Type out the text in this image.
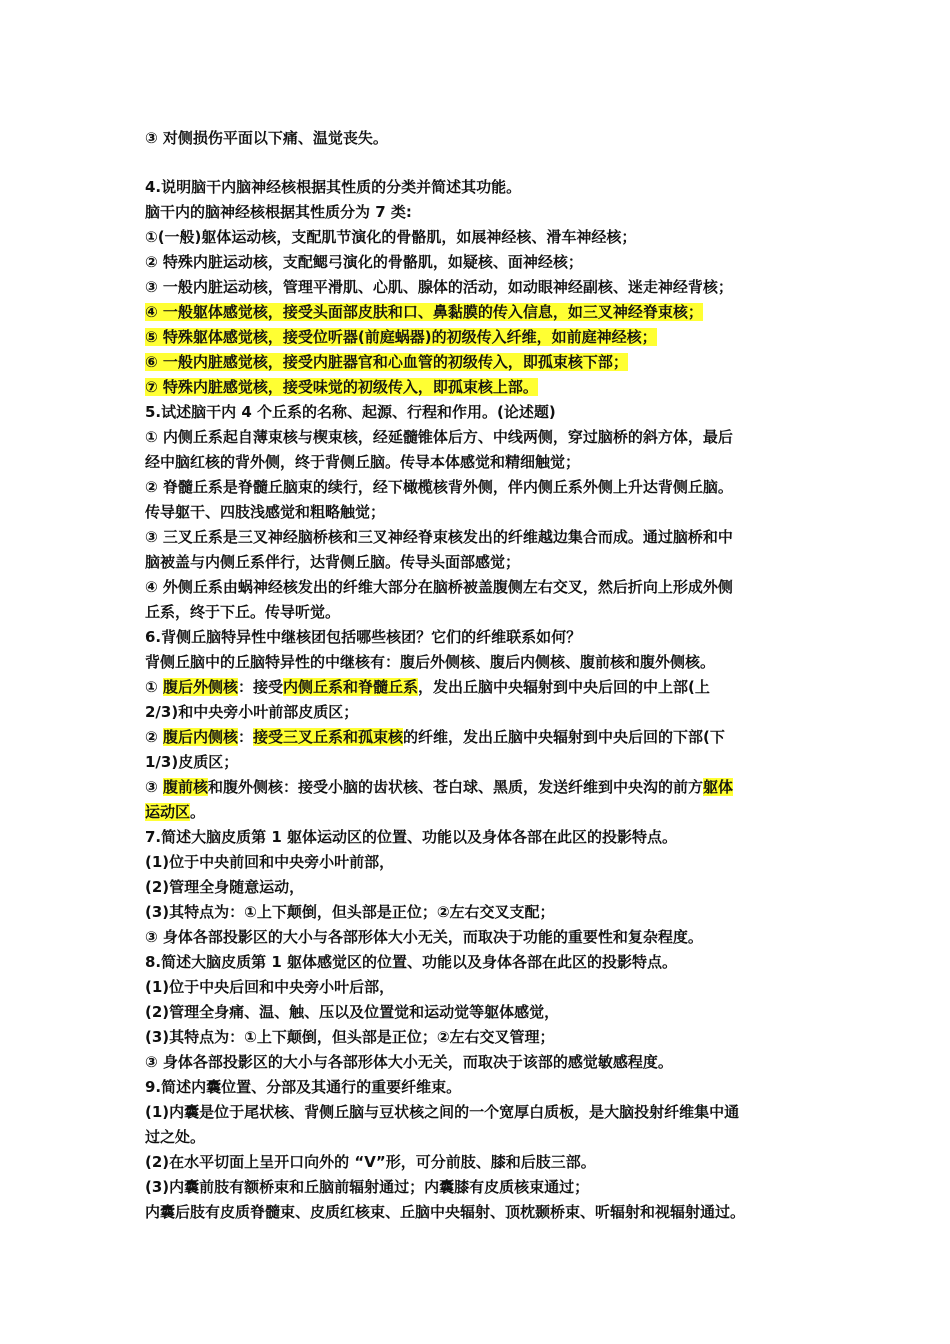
③ 对侧损伤平面以下痛、温觉丧失。
4.说明脑干内脑神经核根据其性质的分类并简述其功能。
脑干内的脑神经核根据其性质分为 7 类:
①(一般)躯体运动核，支配肌节演化的骨骼肌，如展神经核、滑车神经核；
② 特殊内脏运动核，支配鳃弓演化的骨骼肌，如疑核、面神经核；
③ 一般内脏运动核，管理平滑肌、心肌、腺体的活动，如动眼神经副核、迷走神经背核；
④ 一般躯体感觉核，接受头面部皮肤和口、鼻黏膜的传入信息，如三叉神经脊束核；
⑤ 特殊躯体感觉核，接受位听器(前庭蜗器)的初级传入纤维，如前庭神经核；
⑥ 一般内脏感觉核，接受内脏器官和心血管的初级传入，即孤束核下部；
⑦ 特殊内脏感觉核，接受味觉的初级传入，即孤束核上部。
5.试述脑干内 4 个丘系的名称、起源、行程和作用。(论述题)
① 内侧丘系起自薄束核与楔束核，经延髓锥体后方、中线两侧，穿过脑桥的斜方体，最后
经中脑红核的背外侧，终于背侧丘脑。传导本体感觉和精细触觉；
② 脊髓丘系是脊髓丘脑束的续行，经下橄榄核背外侧，伴内侧丘系外侧上升达背侧丘脑。
传导躯干、四肢浅感觉和粗略触觉；
③ 三叉丘系是三叉神经脑桥核和三叉神经脊束核发出的纤维越边集合而成。通过脑桥和中
脑被盖与内侧丘系伴行，达背侧丘脑。传导头面部感觉；
④ 外侧丘系由蜗神经核发出的纤维大部分在脑桥被盖腹侧左右交叉，然后折向上形成外侧
丘系，终于下丘。传导听觉。
6.背侧丘脑特异性中继核团包括哪些核团？它们的纤维联系如何？
背侧丘脑中的丘脑特异性的中继核有：腹后外侧核、腹后内侧核、腹前核和腹外侧核。
① 腹后外侧核：接受内侧丘系和脊髓丘系，发出丘脑中央辐射到中央后回的中上部(上
2/3)和中央旁小叶前部皮质区；
② 腹后内侧核：接受三叉丘系和孤束核的纤维，发出丘脑中央辐射到中央后回的下部(下
1/3)皮质区；
③ 腹前核和腹外侧核：接受小脑的齿状核、苍白球、黑质，发送纤维到中央沟的前方躯体
运动区。
7.简述大脑皮质第 1 躯体运动区的位置、功能以及身体各部在此区的投影特点。
(1)位于中央前回和中央旁小叶前部，
(2)管理全身随意运动，
(3)其特点为：①上下颠倒，但头部是正位；②左右交叉支配；
③ 身体各部投影区的大小与各部形体大小无关，而取决于功能的重要性和复杂程度。
8.简述大脑皮质第 1 躯体感觉区的位置、功能以及身体各部在此区的投影特点。
(1)位于中央后回和中央旁小叶后部，
(2)管理全身痛、温、触、压以及位置觉和运动觉等躯体感觉，
(3)其特点为：①上下颠倒，但头部是正位；②左右交叉管理；
③ 身体各部投影区的大小与各部形体大小无关，而取决于该部的感觉敏感程度。
9.简述内囊位置、分部及其通行的重要纤维束。
(1)内囊是位于尾状核、背侧丘脑与豆状核之间的一个宽厚白质板，是大脑投射纤维集中通
过之处。
(2)在水平切面上呈开口向外的 “V”形，可分前肢、膝和后肢三部。
(3)内囊前肢有额桥束和丘脑前辐射通过；内囊膝有皮质核束通过；
内囊后肢有皮质脊髓束、皮质红核束、丘脑中央辐射、顶枕颞桥束、听辐射和视辐射通过。
